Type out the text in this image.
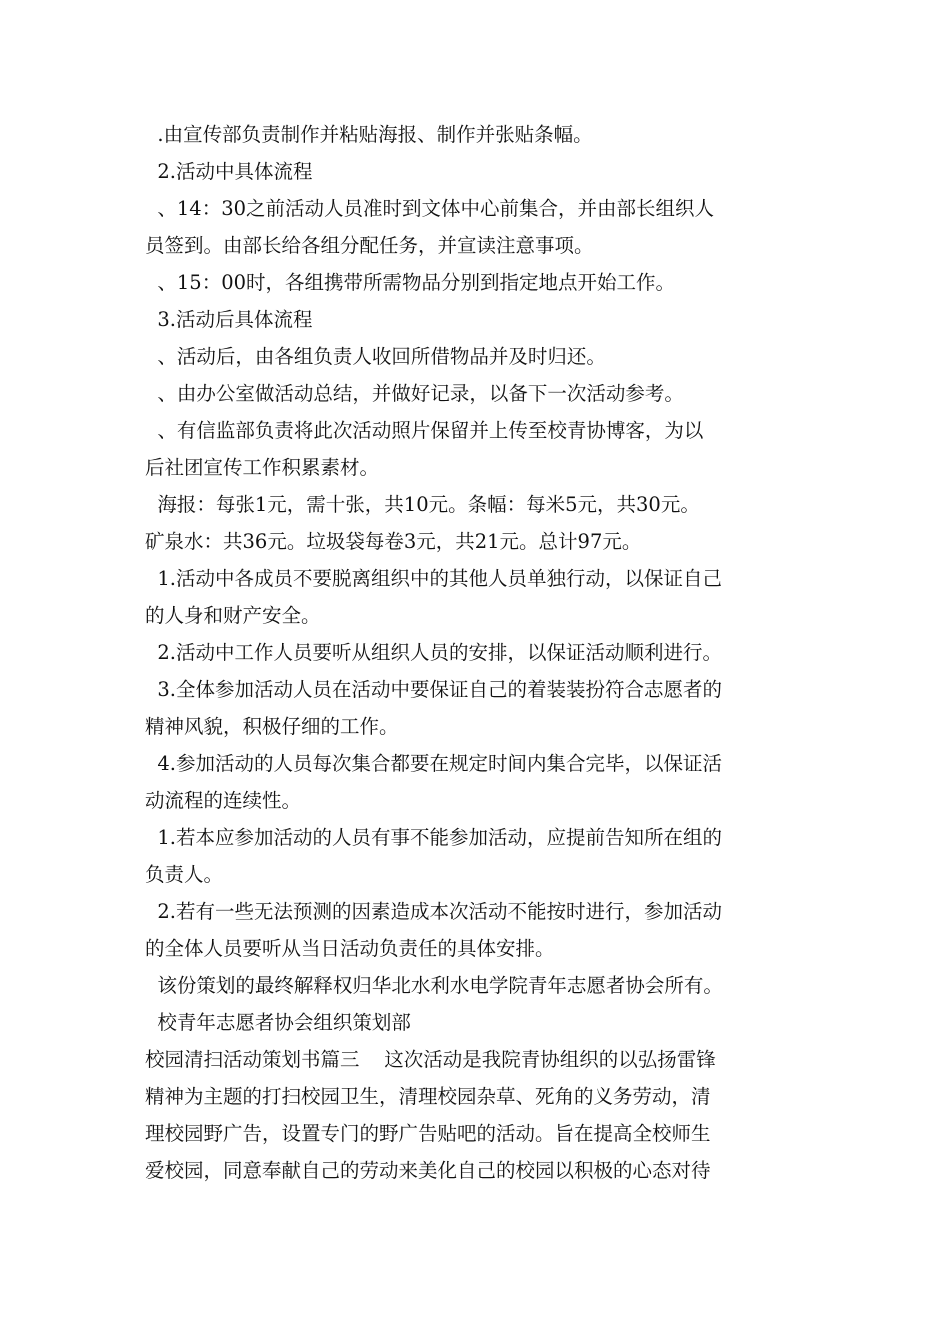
.由宣传部负责制作并粘贴海报、制作并张贴条幅。
2.活动中具体流程
、14：30之前活动人员准时到文体中心前集合，并由部长组织人
员签到。由部长给各组分配任务，并宣读注意事项。
、15：00时，各组携带所需物品分别到指定地点开始工作。
3.活动后具体流程
、活动后，由各组负责人收回所借物品并及时归还。
、由办公室做活动总结，并做好记录，以备下一次活动参考。
、有信监部负责将此次活动照片保留并上传至校青协博客，为以
后社团宣传工作积累素材。
海报：每张1元，需十张，共10元。条幅：每米5元，共30元。
矿泉水：共36元。垃圾袋每卷3元，共21元。总计97元。
1.活动中各成员不要脱离组织中的其他人员单独行动，以保证自己
的人身和财产安全。
2.活动中工作人员要听从组织人员的安排，以保证活动顺利进行。
3.全体参加活动人员在活动中要保证自己的着装装扮符合志愿者的
精神风貌，积极仔细的工作。
4.参加活动的人员每次集合都要在规定时间内集合完毕，以保证活
动流程的连续性。
1.若本应参加活动的人员有事不能参加活动，应提前告知所在组的
负责人。
2.若有一些无法预测的因素造成本次活动不能按时进行，参加活动
的全体人员要听从当日活动负责任的具体安排。
该份策划的最终解释权归华北水利水电学院青年志愿者协会所有。
校青年志愿者协会组织策划部
校园清扫活动策划书篇三    这次活动是我院青协组织的以弘扬雷锋
精神为主题的打扫校园卫生，清理校园杂草、死角的义务劳动，清
理校园野广告，设置专门的野广告贴吧的活动。旨在提高全校师生
爱校园，同意奉献自己的劳动来美化自己的校园以积极的心态对待
